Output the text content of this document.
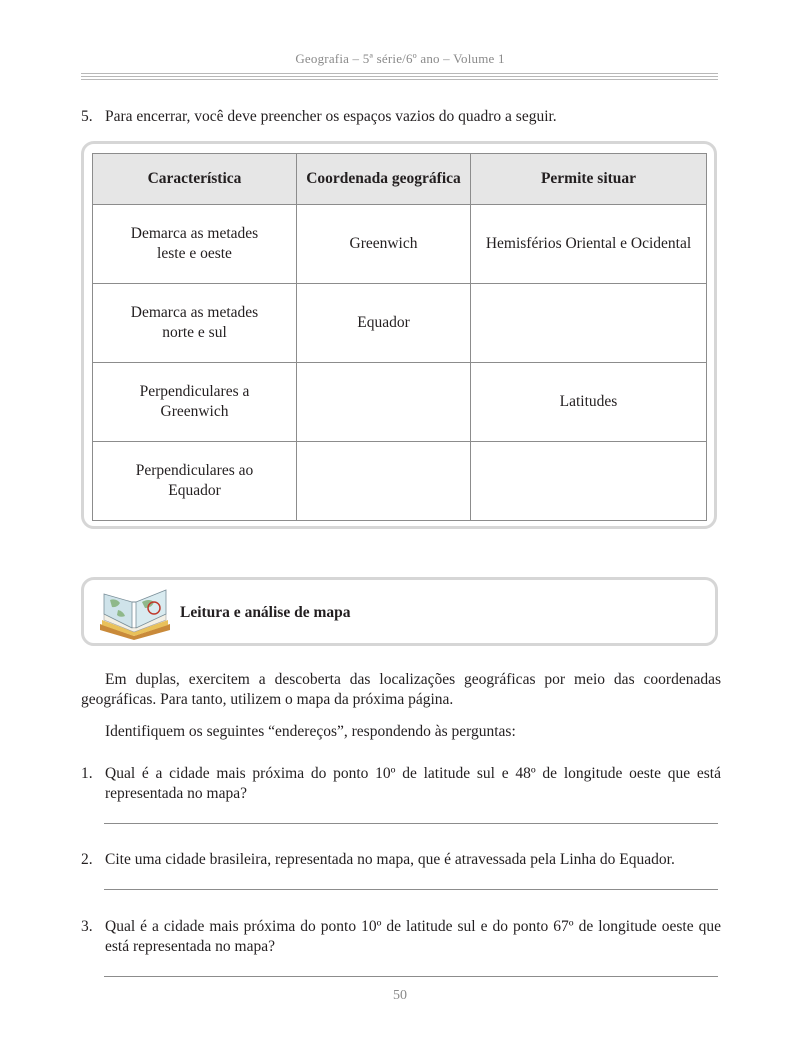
Geografia – 5ª série/6º ano – Volume 1
5. Para encerrar, você deve preencher os espaços vazios do quadro a seguir.
Característica	Coordenada geográfica	Permite situar
Demarca as metades
leste e oeste	Greenwich	Hemisférios Oriental e Ocidental
Demarca as metades
norte e sul	Equador	
Perpendiculares a
Greenwich		Latitudes
Perpendiculares ao
Equador		
Leitura e análise de mapa
Em duplas, exercitem a descoberta das localizações geográficas por meio das coordenadas geográficas. Para tanto, utilizem o mapa da próxima página.
Identifiquem os seguintes “endereços”, respondendo às perguntas:
1. Qual é a cidade mais próxima do ponto 10º de latitude sul e 48º de longitude oeste que está representada no mapa?
2. Cite uma cidade brasileira, representada no mapa, que é atravessada pela Linha do Equador.
3. Qual é a cidade mais próxima do ponto 10º de latitude sul e do ponto 67º de longitude oeste que está representada no mapa?
50
